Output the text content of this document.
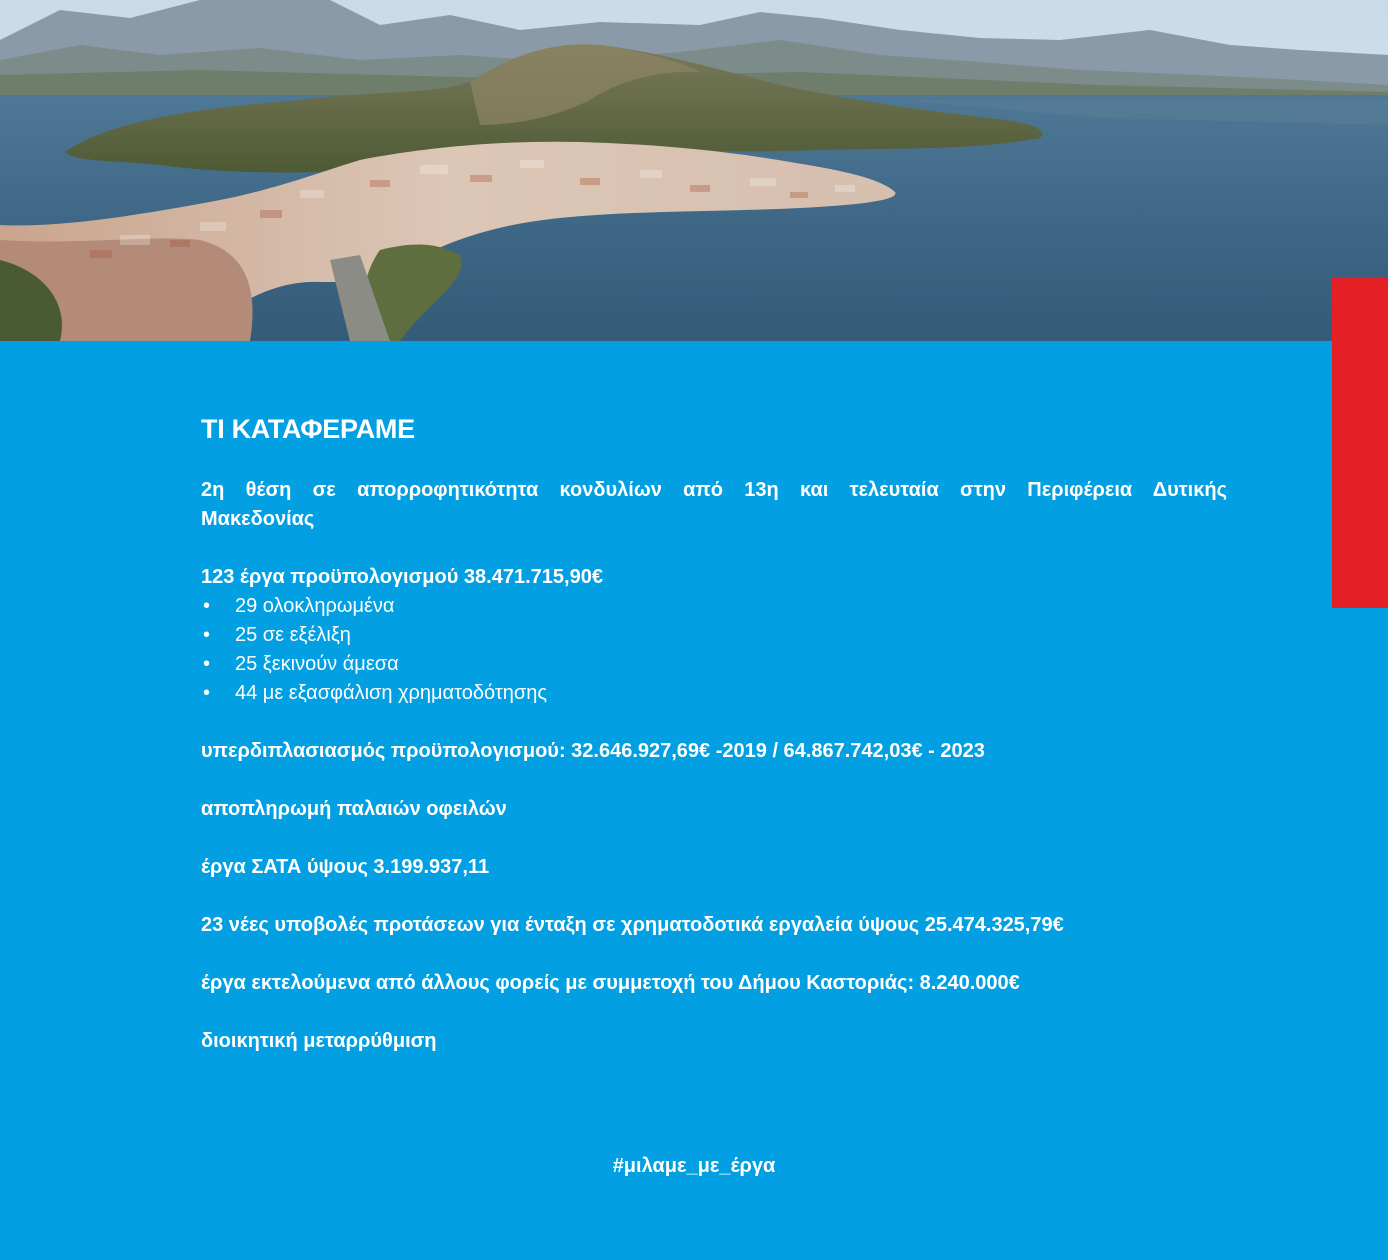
ΤΙ ΚΑΤΑΦΕΡΑΜΕ

2η θέση σε απορροφητικότητα κονδυλίων από 13η και τελευταία στην Περιφέρεια Δυτικής Μακεδονίας

123 έργα προϋπολογισμού 38.471.715,90€

•	29 ολοκληρωμένα
•	25 σε εξέλιξη
•	25 ξεκινούν άμεσα
•	44 με εξασφάλιση χρηματοδότησης

υπερδιπλασιασμός προϋπολογισμού: 32.646.927,69€ -2019 / 64.867.742,03€ - 2023

αποπληρωμή παλαιών οφειλών

έργα ΣΑΤΑ ύψους 3.199.937,11

23 νέες υποβολές προτάσεων για ένταξη σε χρηματοδοτικά εργαλεία ύψους 25.474.325,79€

έργα εκτελούμενα από άλλους φορείς με συμμετοχή του Δήμου Καστοριάς: 8.240.000€

διοικητική μεταρρύθμιση

#μιλαμε_με_έργα
